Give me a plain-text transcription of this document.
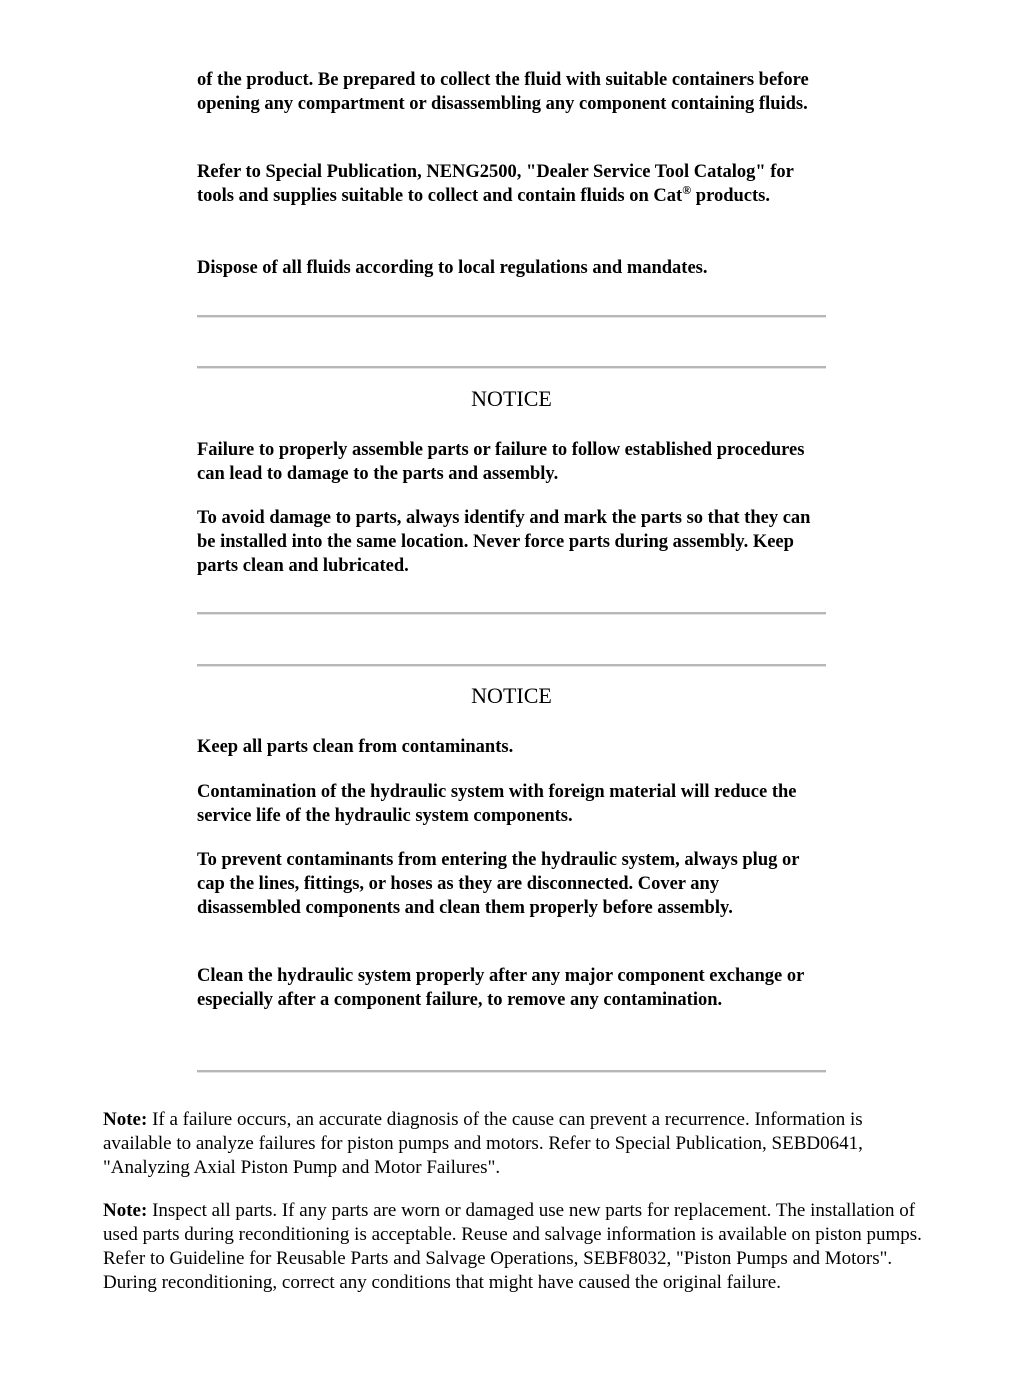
of the product. Be prepared to collect the fluid with suitable containers before opening any compartment or disassembling any component containing fluids.

Refer to Special Publication, NENG2500, "Dealer Service Tool Catalog" for tools and supplies suitable to collect and contain fluids on Cat® products.

Dispose of all fluids according to local regulations and mandates.

NOTICE

Failure to properly assemble parts or failure to follow established procedures can lead to damage to the parts and assembly.

To avoid damage to parts, always identify and mark the parts so that they can be installed into the same location. Never force parts during assembly. Keep parts clean and lubricated.

NOTICE

Keep all parts clean from contaminants.

Contamination of the hydraulic system with foreign material will reduce the service life of the hydraulic system components.

To prevent contaminants from entering the hydraulic system, always plug or cap the lines, fittings, or hoses as they are disconnected. Cover any disassembled components and clean them properly before assembly.

Clean the hydraulic system properly after any major component exchange or especially after a component failure, to remove any contamination.

Note: If a failure occurs, an accurate diagnosis of the cause can prevent a recurrence. Information is available to analyze failures for piston pumps and motors. Refer to Special Publication, SEBD0641, "Analyzing Axial Piston Pump and Motor Failures".

Note: Inspect all parts. If any parts are worn or damaged use new parts for replacement. The installation of used parts during reconditioning is acceptable. Reuse and salvage information is available on piston pumps. Refer to Guideline for Reusable Parts and Salvage Operations, SEBF8032, "Piston Pumps and Motors". During reconditioning, correct any conditions that might have caused the original failure.
